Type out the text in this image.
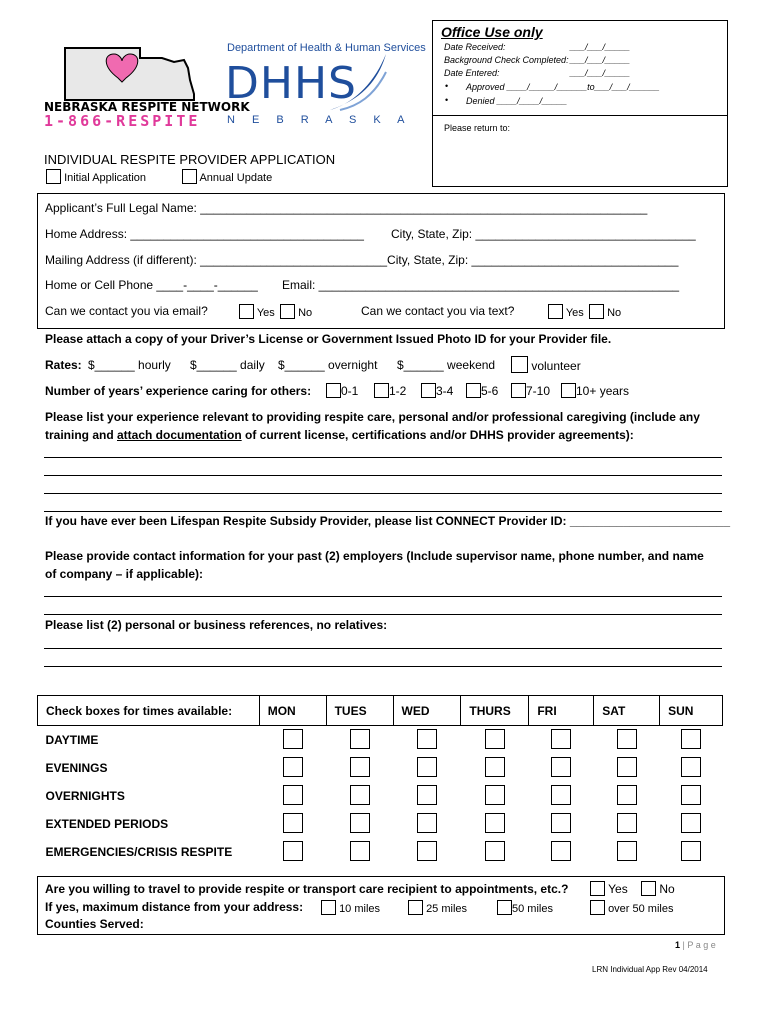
NEBRASKA RESPITE NETWORK
1-866-RESPITE
Department of Health & Human Services
DHHS
N E B R A S K A
Office Use only
Date Received:	___/___/_____
Background Check Completed: ___/___/_____
Date Entered:	___/___/_____
• Approved ____/_____/______to___/___/______
• Denied ____/____/_____
Please return to:
INDIVIDUAL RESPITE PROVIDER APPLICATION
Initial Application	Annual Update
Applicant’s Full Legal Name: ___________________________________________________________________
Home Address: ___________________________________ City, State, Zip: _________________________________
Mailing Address (if different): ____________________________City, State, Zip: _______________________________
Home or Cell Phone ____-____-______ Email: ______________________________________________________
Can we contact you via email?	Yes	No	Can we contact you via text?	Yes	No
Please attach a copy of your Driver’s License or Government Issued Photo ID for your Provider file.
Rates: $______ hourly $______ daily $______ overnight $______ weekend	volunteer
Number of years’ experience caring for others:	0-1	1-2	3-4	5-6	7-10	10+ years
Please list your experience relevant to providing respite care, personal and/or professional caregiving (include any
training and attach documentation of current license, certifications and/or DHHS provider agreements):
If you have ever been Lifespan Respite Subsidy Provider, please list CONNECT Provider ID: ________________________
Please provide contact information for your past (2) employers (Include supervisor name, phone number, and name
of company – if applicable):
Please list (2) personal or business references, no relatives:
Check boxes for times available:	MON	TUES	WED	THURS	FRI	SAT	SUN
DAYTIME							
EVENINGS							
OVERNIGHTS							
EXTENDED PERIODS							
EMERGENCIES/CRISIS RESPITE							
Are you willing to travel to provide respite or transport care recipient to appointments, etc.?	Yes	No
If yes, maximum distance from your address:	10 miles	25 miles	50 miles	over 50 miles
Counties Served:
1 | P a g e
LRN Individual App Rev 04/2014
